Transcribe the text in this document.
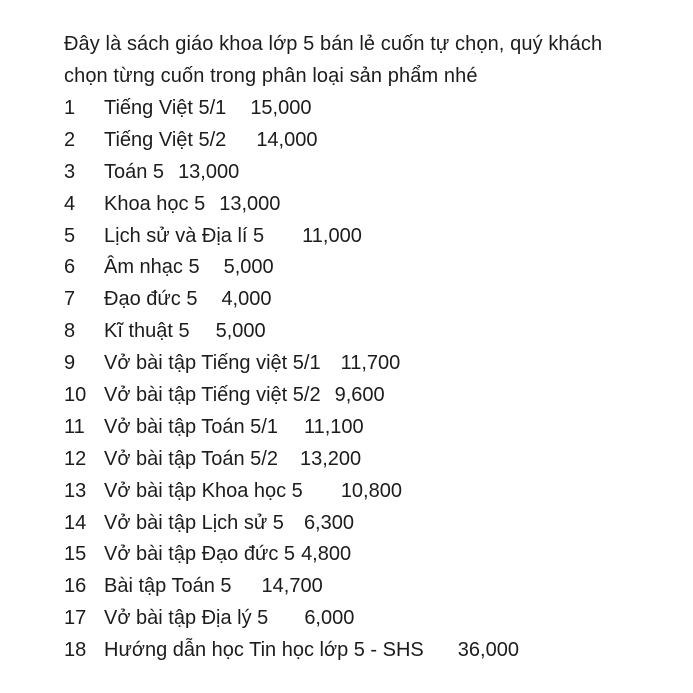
Đây là sách giáo khoa lớp 5 bán lẻ cuốn tự chọn, quý khách
chọn từng cuốn trong phân loại sản phẩm nhé
1 Tiếng Việt 5/1 15,000
2 Tiếng Việt 5/2 14,000
3 Toán 5 13,000
4 Khoa học 5 13,000
5 Lịch sử và Địa lí 5 11,000
6 Âm nhạc 5 5,000
7 Đạo đức 5 4,000
8 Kĩ thuật 5 5,000
9 Vở bài tập Tiếng việt 5/1 11,700
10 Vở bài tập Tiếng việt 5/2 9,600
11 Vở bài tập Toán 5/1 11,100
12 Vở bài tập Toán 5/2 13,200
13 Vở bài tập Khoa học 5 10,800
14 Vở bài tập Lịch sử 5 6,300
15 Vở bài tập Đạo đức 5 4,800
16 Bài tập Toán 5 14,700
17 Vở bài tập Địa lý 5 6,000
18 Hướng dẫn học Tin học lớp 5 - SHS 36,000
